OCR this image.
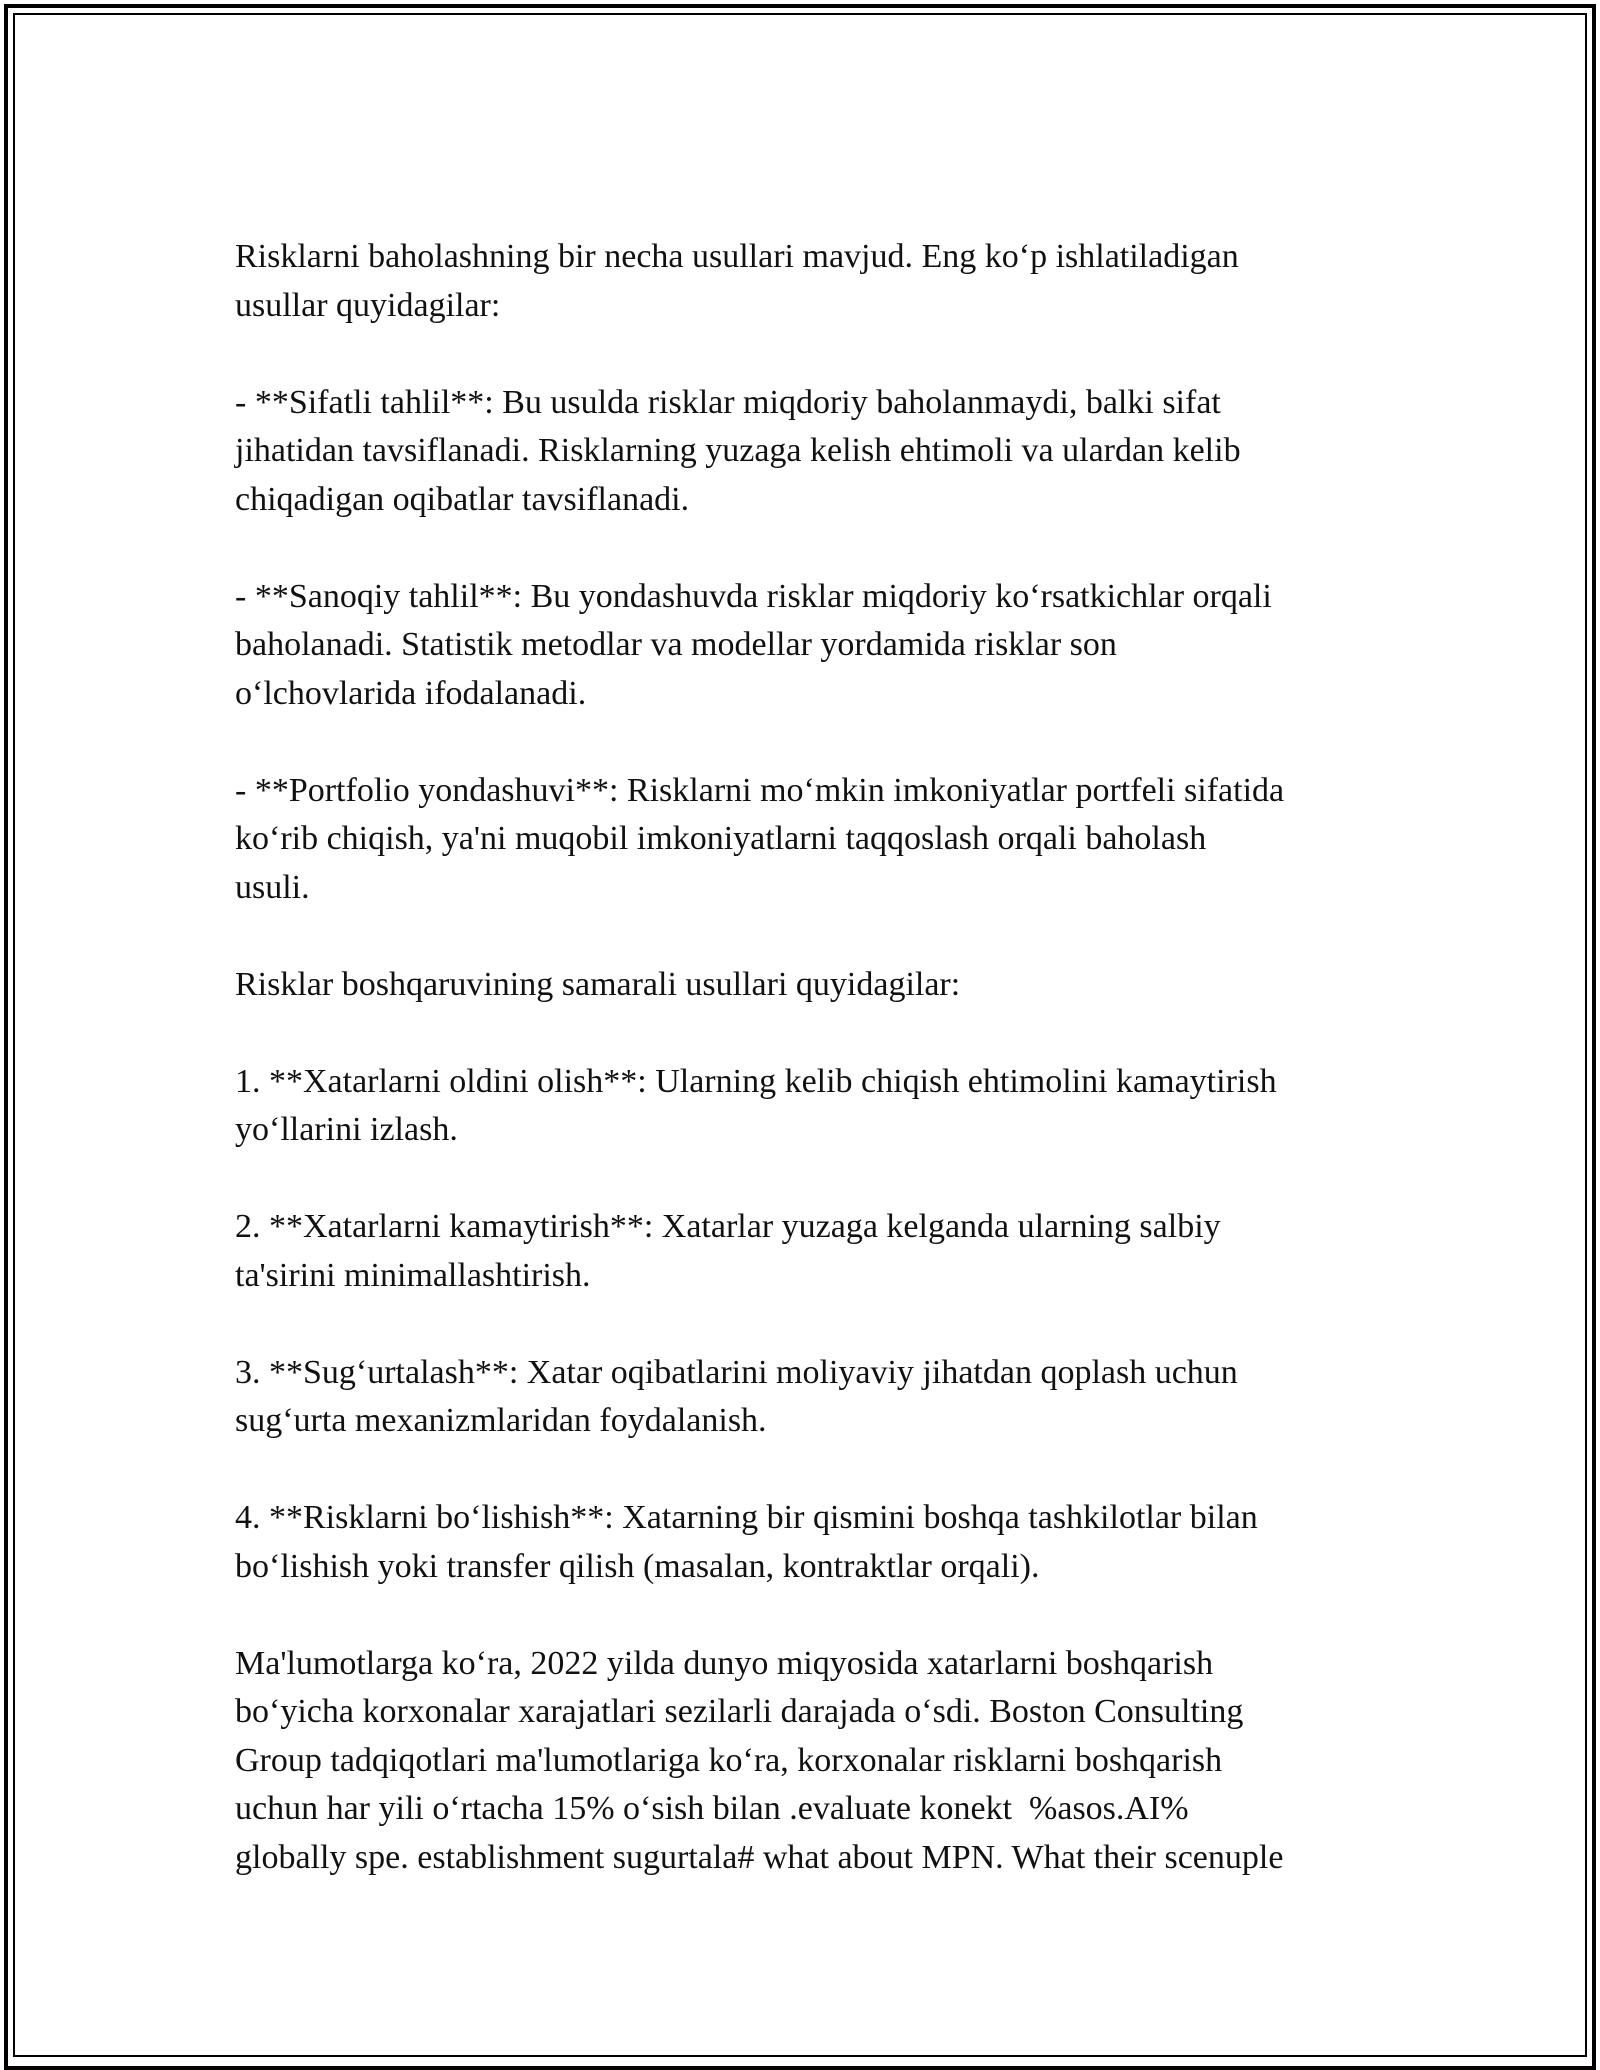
Risklarni baholashning bir necha usullari mavjud. Eng koʻp ishlatiladigan
usullar quyidagilar:

- **Sifatli tahlil**: Bu usulda risklar miqdoriy baholanmaydi, balki sifat
jihatidan tavsiflanadi. Risklarning yuzaga kelish ehtimoli va ulardan kelib
chiqadigan oqibatlar tavsiflanadi.

- **Sanoqiy tahlil**: Bu yondashuvda risklar miqdoriy koʻrsatkichlar orqali
baholanadi. Statistik metodlar va modellar yordamida risklar son
oʻlchovlarida ifodalanadi.

- **Portfolio yondashuvi**: Risklarni moʻmkin imkoniyatlar portfeli sifatida
koʻrib chiqish, ya'ni muqobil imkoniyatlarni taqqoslash orqali baholash
usuli.

Risklar boshqaruvining samarali usullari quyidagilar:

1. **Xatarlarni oldini olish**: Ularning kelib chiqish ehtimolini kamaytirish
yoʻllarini izlash.

2. **Xatarlarni kamaytirish**: Xatarlar yuzaga kelganda ularning salbiy
ta'sirini minimallashtirish.

3. **Sugʻurtalash**: Xatar oqibatlarini moliyaviy jihatdan qoplash uchun
sugʻurta mexanizmlaridan foydalanish.

4. **Risklarni boʻlishish**: Xatarning bir qismini boshqa tashkilotlar bilan
boʻlishish yoki transfer qilish (masalan, kontraktlar orqali).

Ma'lumotlarga koʻra, 2022 yilda dunyo miqyosida xatarlarni boshqarish
boʻyicha korxonalar xarajatlari sezilarli darajada oʻsdi. Boston Consulting
Group tadqiqotlari ma'lumotlariga koʻra, korxonalar risklarni boshqarish
uchun har yili oʻrtacha 15% oʻsish bilan .evaluate konekt  %asos.AI%
globally spe. establishment sugurtala# what about MPN. What their scenuple
